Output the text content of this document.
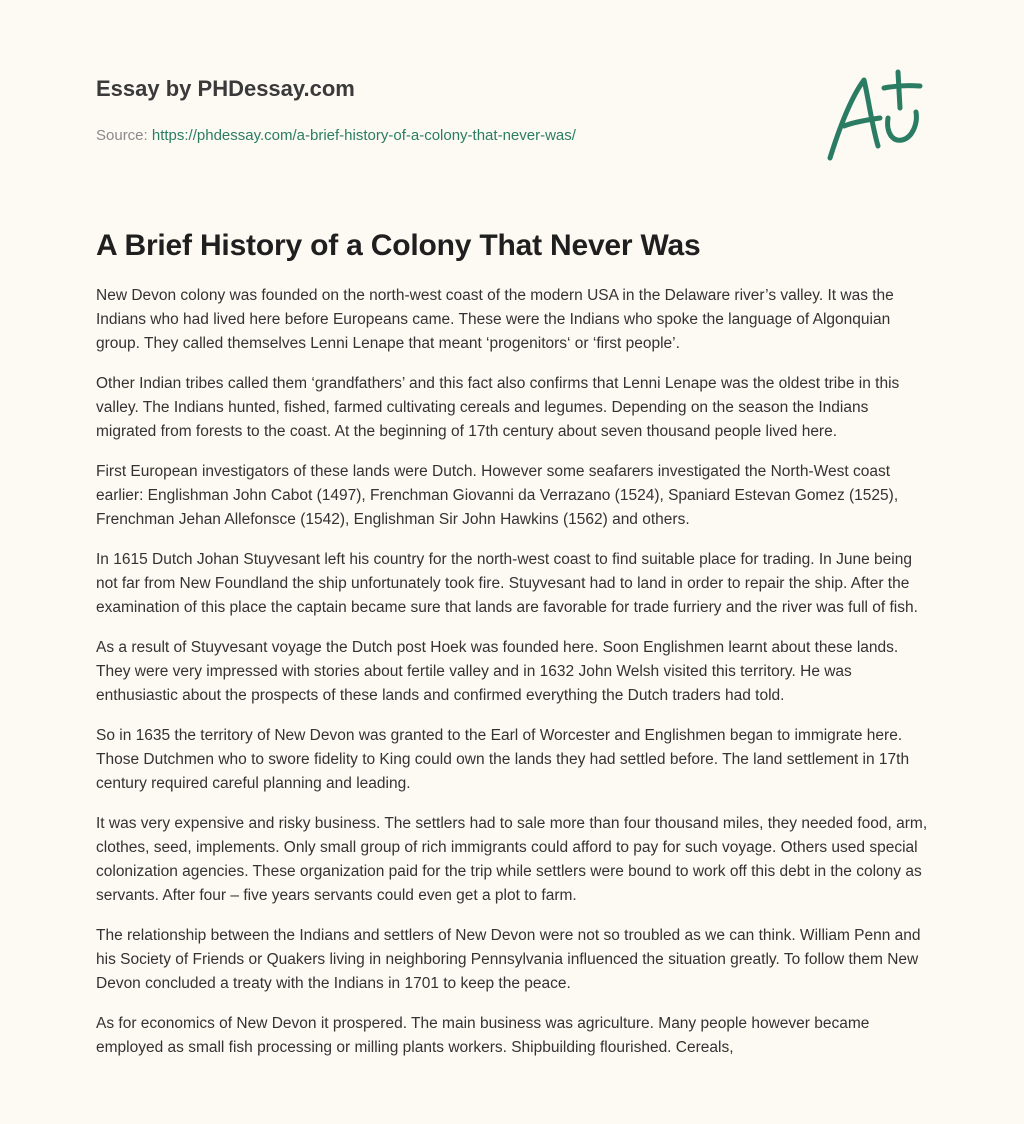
Essay by PHDessay.com
Source: https://phdessay.com/a-brief-history-of-a-colony-that-never-was/
A Brief History of a Colony That Never Was

New Devon colony was founded on the north-west coast of the modern USA in the Delaware river’s valley. It was the Indians who had lived here before Europeans came. These were the Indians who spoke the language of Algonquian group. They called themselves Lenni Lenape that meant ‘progenitors‘ or ‘first people’.

Other Indian tribes called them ‘grandfathers’ and this fact also confirms that Lenni Lenape was the oldest tribe in this valley. The Indians hunted, fished, farmed cultivating cereals and legumes. Depending on the season the Indians migrated from forests to the coast. At the beginning of 17th century about seven thousand people lived here.

First European investigators of these lands were Dutch. However some seafarers investigated the North-West coast earlier: Englishman John Cabot (1497), Frenchman Giovanni da Verrazano (1524), Spaniard Estevan Gomez (1525), Frenchman Jehan Allefonsce (1542), Englishman Sir John Hawkins (1562) and others.

In 1615 Dutch Johan Stuyvesant left his country for the north-west coast to find suitable place for trading. In June being not far from New Foundland the ship unfortunately took fire. Stuyvesant had to land in order to repair the ship. After the examination of this place the captain became sure that lands are favorable for trade furriery and the river was full of fish.

As a result of Stuyvesant voyage the Dutch post Hoek was founded here. Soon Englishmen learnt about these lands. They were very impressed with stories about fertile valley and in 1632 John Welsh visited this territory. He was enthusiastic about the prospects of these lands and confirmed everything the Dutch traders had told.

So in 1635 the territory of New Devon was granted to the Earl of Worcester and Englishmen began to immigrate here. Those Dutchmen who to swore fidelity to King could own the lands they had settled before. The land settlement in 17th century required careful planning and leading.

It was very expensive and risky business. The settlers had to sale more than four thousand miles, they needed food, arm, clothes, seed, implements. Only small group of rich immigrants could afford to pay for such voyage. Others used special colonization agencies. These organization paid for the trip while settlers were bound to work off this debt in the colony as servants. After four – five years servants could even get a plot to farm.

The relationship between the Indians and settlers of New Devon were not so troubled as we can think. William Penn and his Society of Friends or Quakers living in neighboring Pennsylvania influenced the situation greatly. To follow them New Devon concluded a treaty with the Indians in 1701 to keep the peace.

As for economics of New Devon it prospered. The main business was agriculture. Many people however became employed as small fish processing or milling plants workers. Shipbuilding flourished. Cereals,
